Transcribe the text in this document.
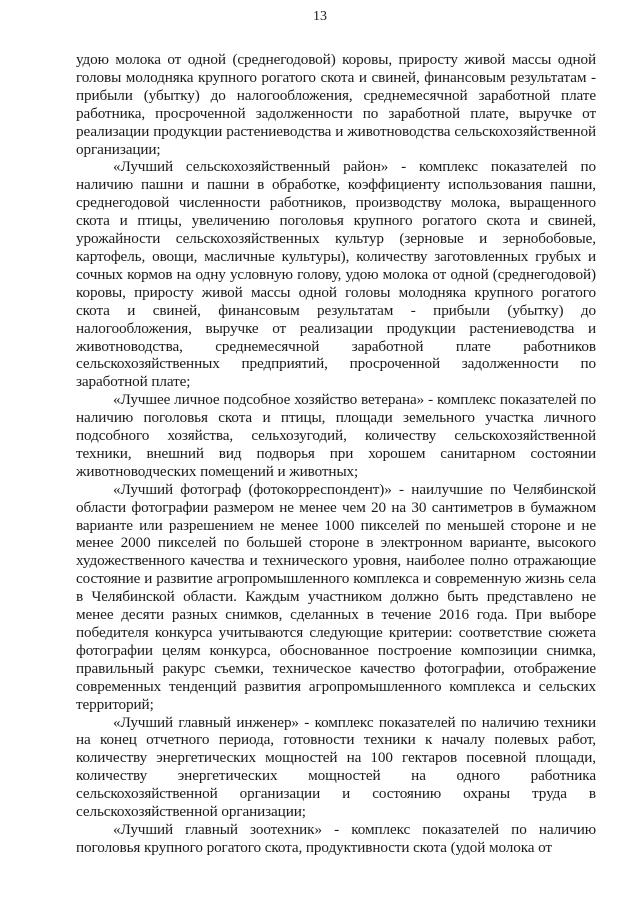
13

удою молока от одной (среднегодовой) коровы, приросту живой массы одной головы молодняка крупного рогатого скота и свиней, финансовым результатам - прибыли (убытку) до налогообложения, среднемесячной заработной плате работника, просроченной задолженности по заработной плате, выручке от реализации продукции растениеводства и животноводства сельскохозяйственной организации;

«Лучший сельскохозяйственный район» - комплекс показателей по наличию пашни и пашни в обработке, коэффициенту использования пашни, среднегодовой численности работников, производству молока, выращенного скота и птицы, увеличению поголовья крупного рогатого скота и свиней, урожайности сельскохозяйственных культур (зерновые и зернобобовые, картофель, овощи, масличные культуры), количеству заготовленных грубых и сочных кормов на одну условную голову, удою молока от одной (среднегодовой) коровы, приросту живой массы одной головы молодняка крупного рогатого скота и свиней, финансовым результатам - прибыли (убытку) до налогообложения, выручке от реализации продукции растениеводства и животноводства, среднемесячной заработной плате работников сельскохозяйственных предприятий, просроченной задолженности по заработной плате;

«Лучшее личное подсобное хозяйство ветерана» - комплекс показателей по наличию поголовья скота и птицы, площади земельного участка личного подсобного хозяйства, сельхозугодий, количеству сельскохозяйственной техники, внешний вид подворья при хорошем санитарном состоянии животноводческих помещений и животных;

«Лучший фотограф (фотокорреспондент)» - наилучшие по Челябинской области фотографии размером не менее чем 20 на 30 сантиметров в бумажном варианте или разрешением не менее 1000 пикселей по меньшей стороне и не менее 2000 пикселей по большей стороне в электронном варианте, высокого художественного качества и технического уровня, наиболее полно отражающие состояние и развитие агропромышленного комплекса и современную жизнь села в Челябинской области. Каждым участником должно быть представлено не менее десяти разных снимков, сделанных в течение 2016 года. При выборе победителя конкурса учитываются следующие критерии: соответствие сюжета фотографии целям конкурса, обоснованное построение композиции снимка, правильный ракурс съемки, техническое качество фотографии, отображение современных тенденций развития агропромышленного комплекса и сельских территорий;

«Лучший главный инженер» - комплекс показателей по наличию техники на конец отчетного периода, готовности техники к началу полевых работ, количеству энергетических мощностей на 100 гектаров посевной площади, количеству энергетических мощностей на одного работника сельскохозяйственной организации и состоянию охраны труда в сельскохозяйственной организации;

«Лучший главный зоотехник» - комплекс показателей по наличию поголовья крупного рогатого скота, продуктивности скота (удой молока от
